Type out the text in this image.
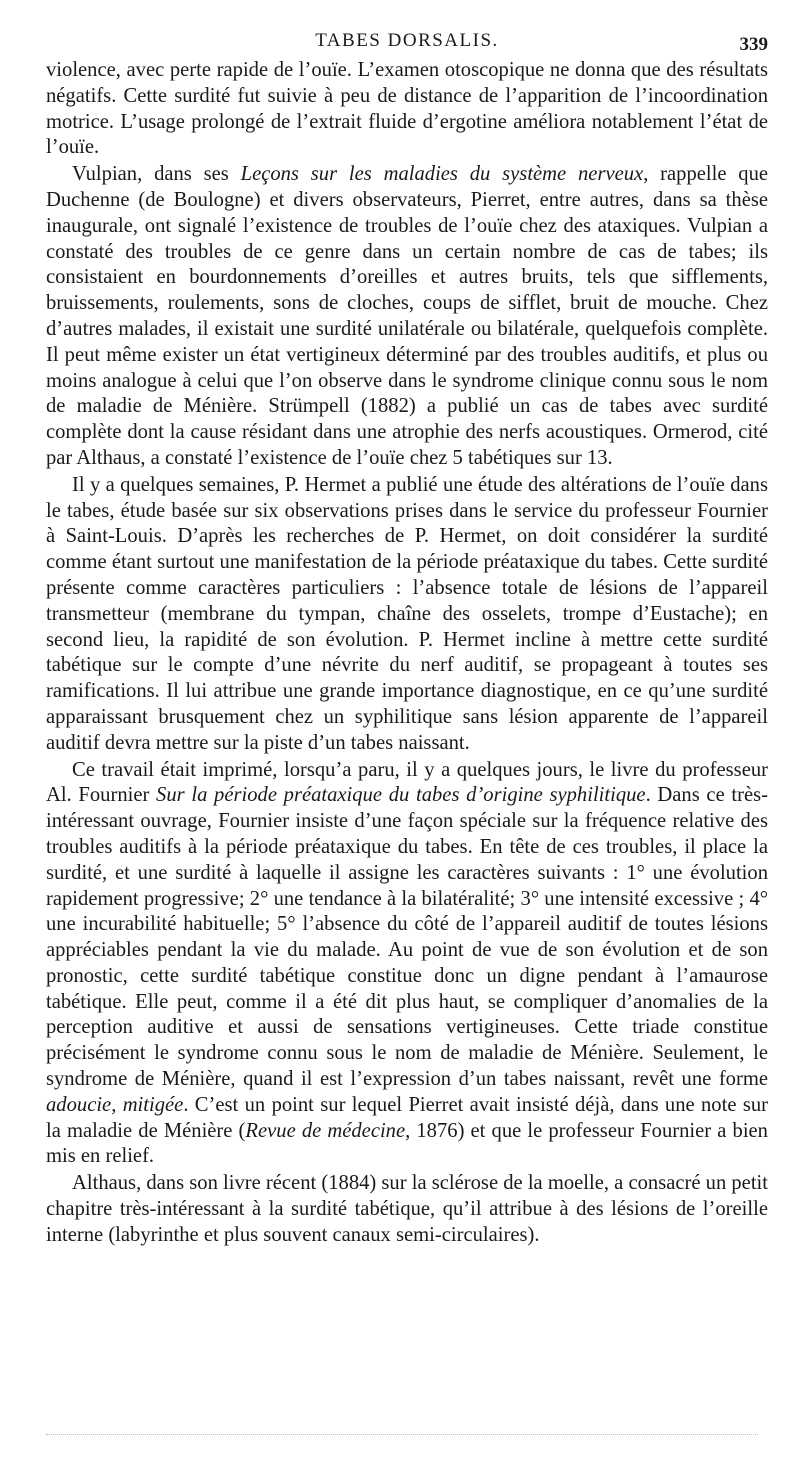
TABES DORSALIS.	339

violence, avec perte rapide de l’ouïe. L’examen otoscopique ne donna que des résultats négatifs. Cette surdité fut suivie à peu de distance de l’apparition de l’incoordination motrice. L’usage prolongé de l’extrait fluide d’ergotine améliora notablement l’état de l’ouïe.

Vulpian, dans ses Leçons sur les maladies du système nerveux, rappelle que Duchenne (de Boulogne) et divers observateurs, Pierret, entre autres, dans sa thèse inaugurale, ont signalé l’existence de troubles de l’ouïe chez des ataxiques. Vulpian a constaté des troubles de ce genre dans un certain nombre de cas de tabes; ils consistaient en bourdonnements d’oreilles et autres bruits, tels que sifflements, bruissements, roulements, sons de cloches, coups de sifflet, bruit de mouche. Chez d’autres malades, il existait une surdité unilatérale ou bilatérale, quelquefois complète. Il peut même exister un état vertigineux déterminé par des troubles auditifs, et plus ou moins analogue à celui que l’on observe dans le syndrome clinique connu sous le nom de maladie de Ménière. Strümpell (1882) a publié un cas de tabes avec surdité complète dont la cause résidant dans une atrophie des nerfs acoustiques. Ormerod, cité par Althaus, a constaté l’existence de l’ouïe chez 5 tabétiques sur 13.

Il y a quelques semaines, P. Hermet a publié une étude des altérations de l’ouïe dans le tabes, étude basée sur six observations prises dans le service du professeur Fournier à Saint-Louis. D’après les recherches de P. Hermet, on doit considérer la surdité comme étant surtout une manifestation de la période préataxique du tabes. Cette surdité présente comme caractères particuliers : l’absence totale de lésions de l’appareil transmetteur (membrane du tympan, chaîne des osselets, trompe d’Eustache); en second lieu, la rapidité de son évolution. P. Hermet incline à mettre cette surdité tabétique sur le compte d’une névrite du nerf auditif, se propageant à toutes ses ramifications. Il lui attribue une grande importance diagnostique, en ce qu’une surdité apparaissant brusquement chez un syphilitique sans lésion apparente de l’appareil auditif devra mettre sur la piste d’un tabes naissant.

Ce travail était imprimé, lorsqu’a paru, il y a quelques jours, le livre du professeur Al. Fournier Sur la période préataxique du tabes d’origine syphilitique. Dans ce très-intéressant ouvrage, Fournier insiste d’une façon spéciale sur la fréquence relative des troubles auditifs à la période préataxique du tabes. En tête de ces troubles, il place la surdité, et une surdité à laquelle il assigne les caractères suivants : 1° une évolution rapidement progressive; 2° une tendance à la bilatéralité; 3° une intensité excessive ; 4° une incurabilité habituelle; 5° l’absence du côté de l’appareil auditif de toutes lésions appréciables pendant la vie du malade. Au point de vue de son évolution et de son pronostic, cette surdité tabétique constitue donc un digne pendant à l’amaurose tabétique. Elle peut, comme il a été dit plus haut, se compliquer d’anomalies de la perception auditive et aussi de sensations vertigineuses. Cette triade constitue précisément le syndrome connu sous le nom de maladie de Ménière. Seulement, le syndrome de Ménière, quand il est l’expression d’un tabes naissant, revêt une forme adoucie, mitigée. C’est un point sur lequel Pierret avait insisté déjà, dans une note sur la maladie de Ménière (Revue de médecine, 1876) et que le professeur Fournier a bien mis en relief.

Althaus, dans son livre récent (1884) sur la sclérose de la moelle, a consacré un petit chapitre très-intéressant à la surdité tabétique, qu’il attribue à des lésions de l’oreille interne (labyrinthe et plus souvent canaux semi-circulaires).
